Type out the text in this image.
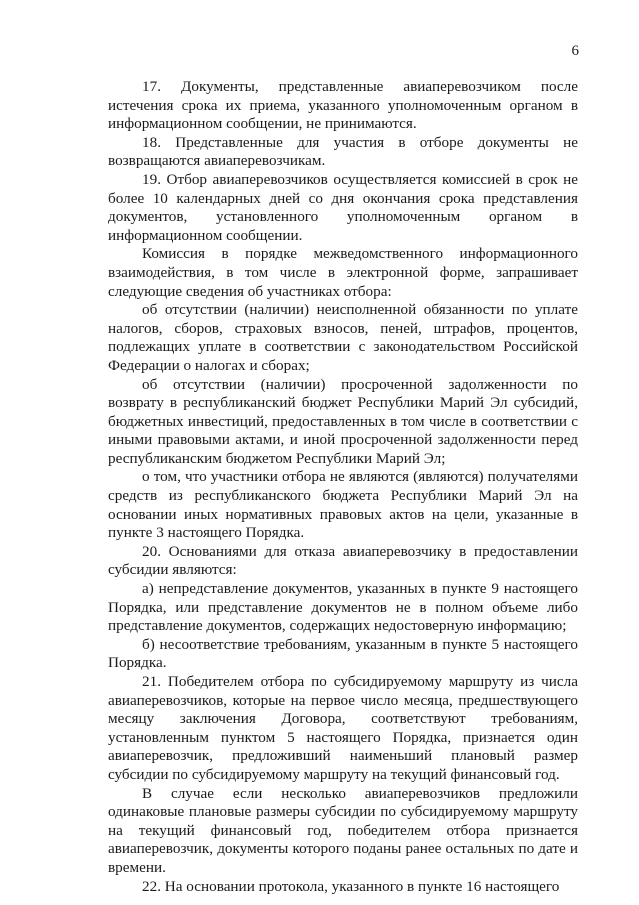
6

17. Документы, представленные авиаперевозчиком после истечения срока их приема, указанного уполномоченным органом в информационном сообщении, не принимаются.

18. Представленные для участия в отборе документы не возвращаются авиаперевозчикам.

19. Отбор авиаперевозчиков осуществляется комиссией в срок не более 10 календарных дней со дня окончания срока представления документов, установленного уполномоченным органом в информационном сообщении.

Комиссия в порядке межведомственного информационного взаимодействия, в том числе в электронной форме, запрашивает следующие сведения об участниках отбора:

об отсутствии (наличии) неисполненной обязанности по уплате налогов, сборов, страховых взносов, пеней, штрафов, процентов, подлежащих уплате в соответствии с законодательством Российской Федерации о налогах и сборах;

об отсутствии (наличии) просроченной задолженности по возврату в республиканский бюджет Республики Марий Эл субсидий, бюджетных инвестиций, предоставленных в том числе в соответствии с иными правовыми актами, и иной просроченной задолженности перед республиканским бюджетом Республики Марий Эл;

о том, что участники отбора не являются (являются) получателями средств из республиканского бюджета Республики Марий Эл на основании иных нормативных правовых актов на цели, указанные в пункте 3 настоящего Порядка.

20. Основаниями для отказа авиаперевозчику в предоставлении субсидии являются:

а) непредставление документов, указанных в пункте 9 настоящего Порядка, или представление документов не в полном объеме либо представление документов, содержащих недостоверную информацию;

б) несоответствие требованиям, указанным в пункте 5 настоящего Порядка.

21. Победителем отбора по субсидируемому маршруту из числа авиаперевозчиков, которые на первое число месяца, предшествующего месяцу заключения Договора, соответствуют требованиям, установленным пунктом 5 настоящего Порядка, признается один авиаперевозчик, предложивший наименьший плановый размер субсидии по субсидируемому маршруту на текущий финансовый год.

В случае если несколько авиаперевозчиков предложили одинаковые плановые размеры субсидии по субсидируемому маршруту на текущий финансовый год, победителем отбора признается авиаперевозчик, документы которого поданы ранее остальных по дате и времени.

22. На основании протокола, указанного в пункте 16 настоящего
